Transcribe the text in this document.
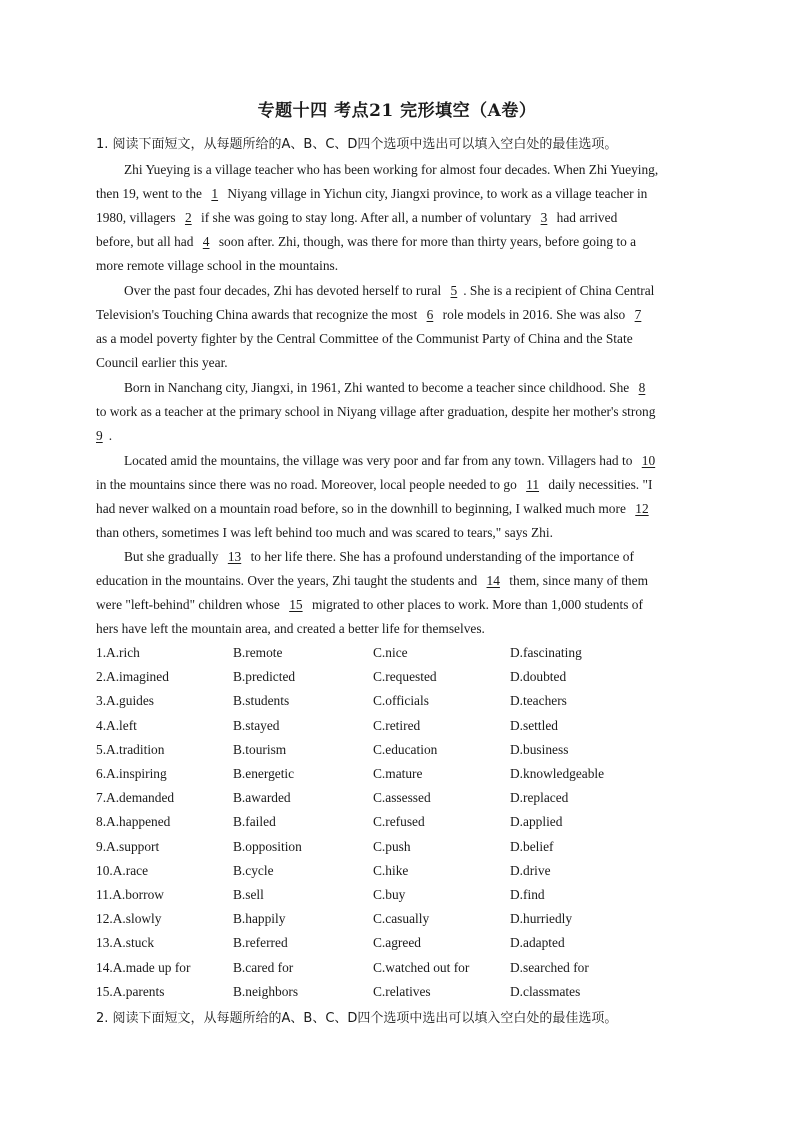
专题十四 考点21 完形填空（A卷）
1. 阅读下面短文，从每题所给的A、B、C、D四个选项中选出可以填入空白处的最佳选项。
Zhi Yueying is a village teacher who has been working for almost four decades. When Zhi Yueying,
then 19, went to the 1 Niyang village in Yichun city, Jiangxi province, to work as a village teacher in
1980, villagers 2 if she was going to stay long. After all, a number of voluntary 3 had arrived
before, but all had 4 soon after. Zhi, though, was there for more than thirty years, before going to a
more remote village school in the mountains.
Over the past four decades, Zhi has devoted herself to rural 5 . She is a recipient of China Central
Television's Touching China awards that recognize the most 6 role models in 2016. She was also 7
as a model poverty fighter by the Central Committee of the Communist Party of China and the State
Council earlier this year.
Born in Nanchang city, Jiangxi, in 1961, Zhi wanted to become a teacher since childhood. She 8
to work as a teacher at the primary school in Niyang village after graduation, despite her mother's strong
9 .
Located amid the mountains, the village was very poor and far from any town. Villagers had to 10
in the mountains since there was no road. Moreover, local people needed to go 11 daily necessities. "I
had never walked on a mountain road before, so in the downhill to beginning, I walked much more 12
than others, sometimes I was left behind too much and was scared to tears," says Zhi.
But she gradually 13 to her life there. She has a profound understanding of the importance of
education in the mountains. Over the years, Zhi taught the students and 14 them, since many of them
were "left-behind" children whose 15 migrated to other places to work. More than 1,000 students of
hers have left the mountain area, and created a better life for themselves.
1.A.rich	B.remote	C.nice	D.fascinating
2.A.imagined	B.predicted	C.requested	D.doubted
3.A.guides	B.students	C.officials	D.teachers
4.A.left	B.stayed	C.retired	D.settled
5.A.tradition	B.tourism	C.education	D.business
6.A.inspiring	B.energetic	C.mature	D.knowledgeable
7.A.demanded	B.awarded	C.assessed	D.replaced
8.A.happened	B.failed	C.refused	D.applied
9.A.support	B.opposition	C.push	D.belief
10.A.race	B.cycle	C.hike	D.drive
11.A.borrow	B.sell	C.buy	D.find
12.A.slowly	B.happily	C.casually	D.hurriedly
13.A.stuck	B.referred	C.agreed	D.adapted
14.A.made up for	B.cared for	C.watched out for	D.searched for
15.A.parents	B.neighbors	C.relatives	D.classmates
2. 阅读下面短文，从每题所给的A、B、C、D四个选项中选出可以填入空白处的最佳选项。
